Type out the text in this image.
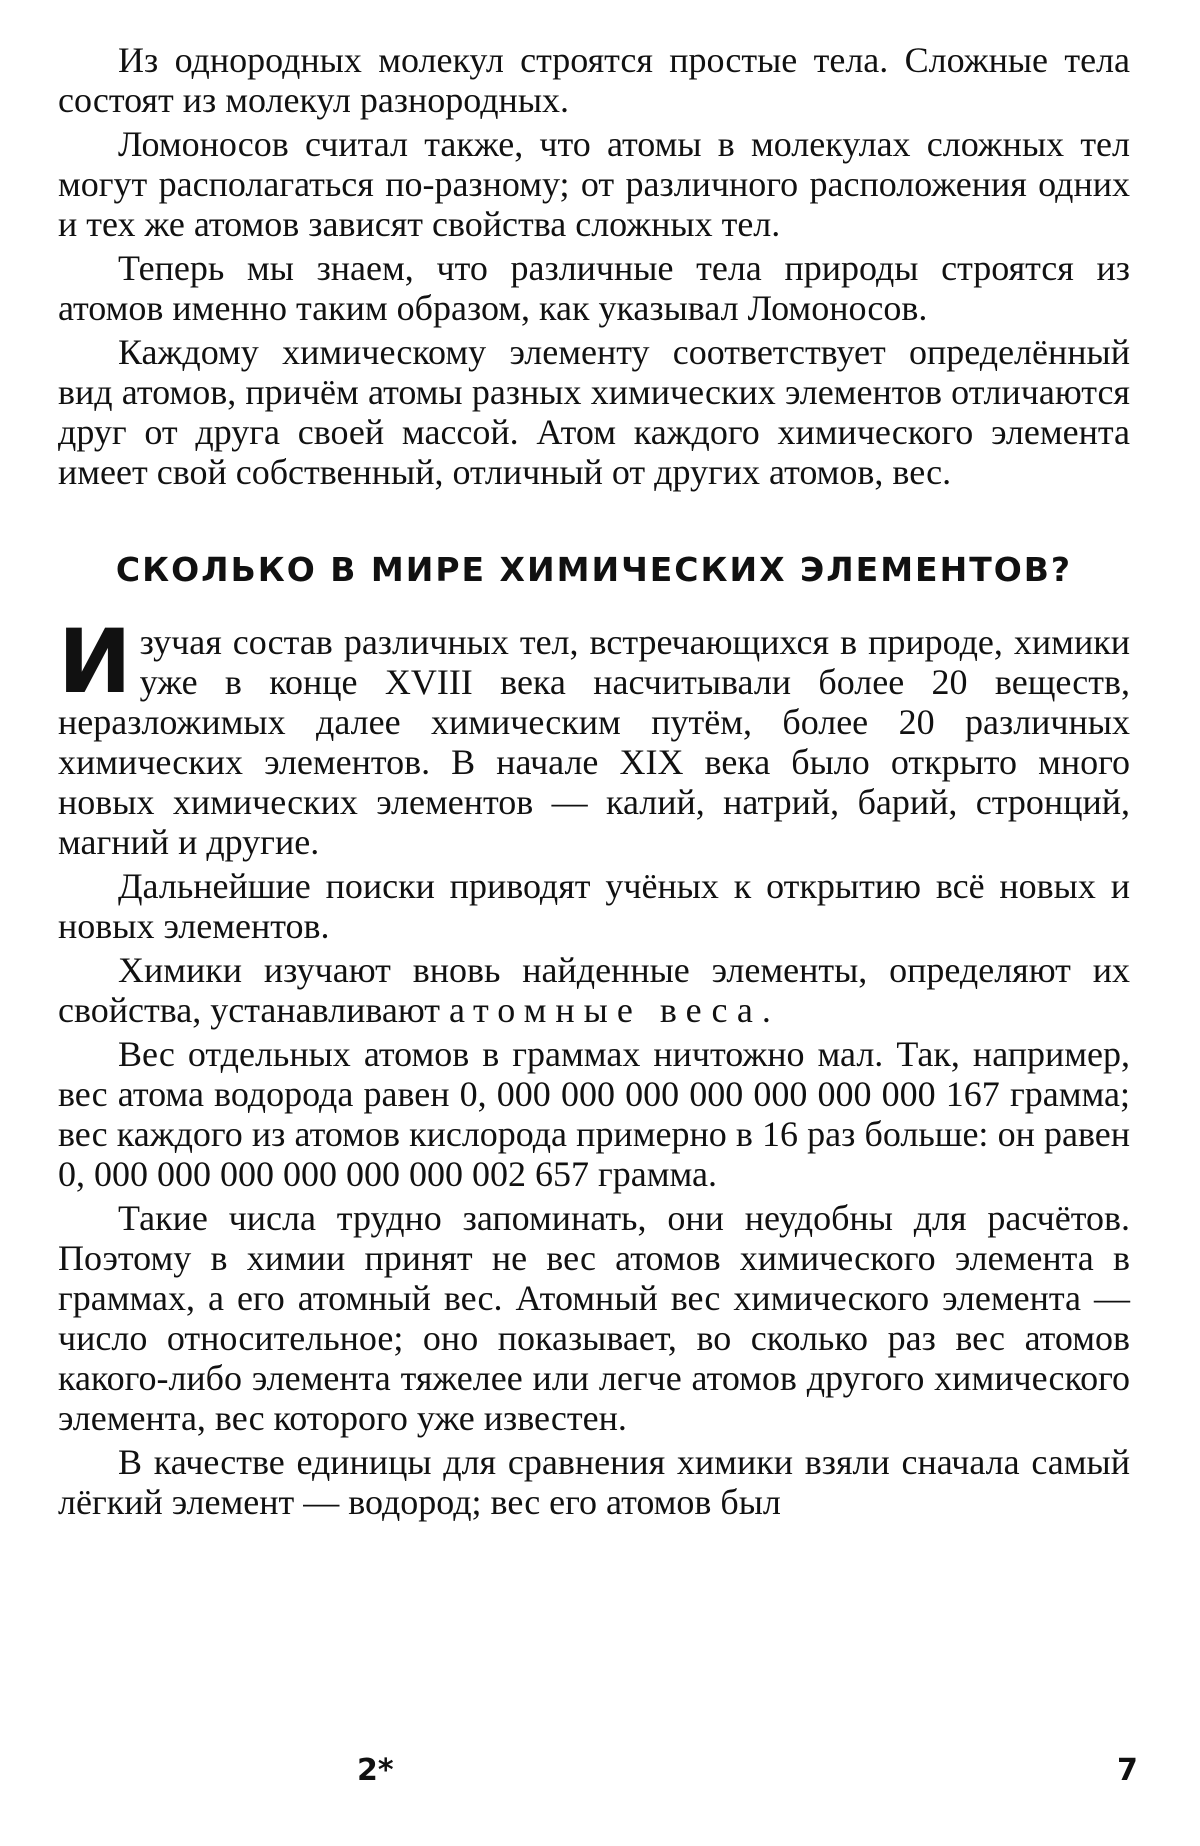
Из однородных молекул строятся простые тела. Сложные тела состоят из молекул разнородных.

Ломоносов считал также, что атомы в молекулах сложных тел могут располагаться по-разному; от различного расположения одних и тех же атомов зависят свойства сложных тел.

Теперь мы знаем, что различные тела природы строятся из атомов именно таким образом, как указывал Ломоносов.

Каждому химическому элементу соответствует определённый вид атомов, причём атомы разных химических элементов отличаются друг от друга своей массой. Атом каждого химического элемента имеет свой собственный, отличный от других атомов, вес.

СКОЛЬКО В МИРЕ ХИМИЧЕСКИХ ЭЛЕМЕНТОВ?

Изучая состав различных тел, встречающихся в природе, химики уже в конце XVIII века насчитывали более 20 веществ, неразложимых далее химическим путём, более 20 различных химических элементов. В начале XIX века было открыто много новых химических элементов — калий, натрий, барий, стронций, магний и другие.

Дальнейшие поиски приводят учёных к открытию всё новых и новых элементов.

Химики изучают вновь найденные элементы, определяют их свойства, устанавливают атомные веса.

Вес отдельных атомов в граммах ничтожно мал. Так, например, вес атома водорода равен 0, 000 000 000 000 000 000 000 167 грамма; вес каждого из атомов кислорода примерно в 16 раз больше: он равен 0, 000 000 000 000 000 000 002 657 грамма.

Такие числа трудно запоминать, они неудобны для расчётов. Поэтому в химии принят не вес атомов химического элемента в граммах, а его атомный вес. Атомный вес химического элемента — число относительное; оно показывает, во сколько раз вес атомов какого-либо элемента тяжелее или легче атомов другого химического элемента, вес которого уже известен.

В качестве единицы для сравнения химики взяли сначала самый лёгкий элемент — водород; вес его атомов был

2*	7
